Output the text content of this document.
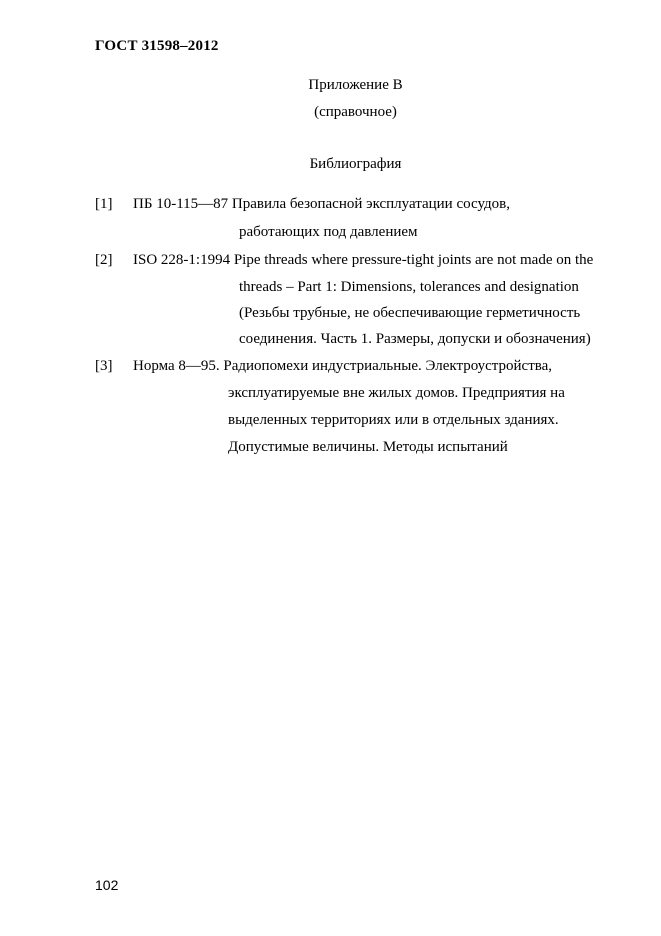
ГОСТ 31598–2012
Приложение В
(справочное)
Библиография
[1] ПБ 10-115—87 Правила безопасной эксплуатации сосудов,
работающих под давлением
[2] ISO 228-1:1994 Pipe threads where pressure-tight joints are not made on the
threads – Part 1: Dimensions, tolerances and designation
(Резьбы трубные, не обеспечивающие герметичность
соединения. Часть 1. Размеры, допуски и обозначения)
[3] Норма 8—95. Радиопомехи индустриальные. Электроустройства,
эксплуатируемые вне жилых домов. Предприятия на
выделенных территориях или в отдельных зданиях.
Допустимые величины. Методы испытаний
102
